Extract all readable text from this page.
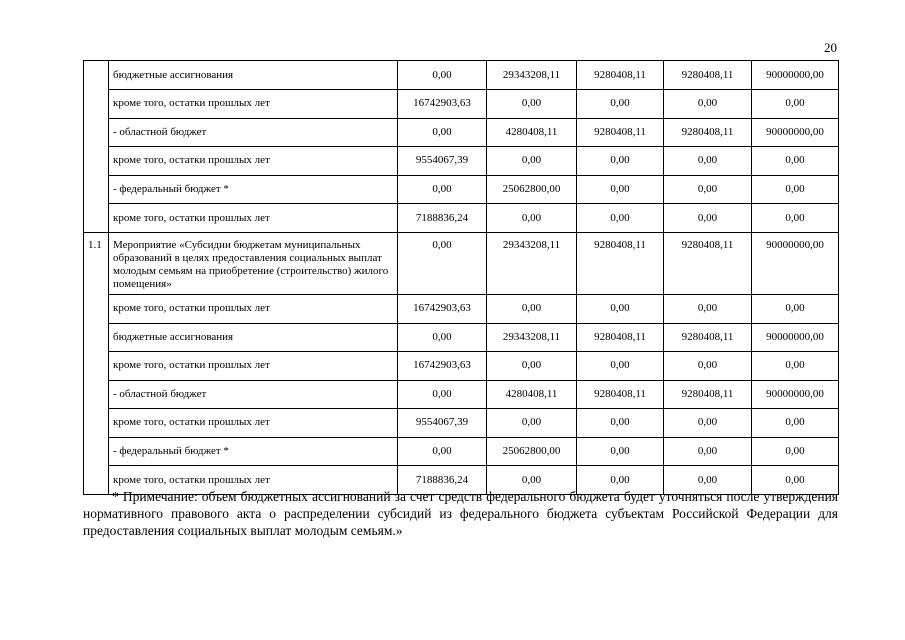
20
	бюджетные ассигнования	0,00	29343208,11	9280408,11	9280408,11	90000000,00
	кроме того, остатки прошлых лет	16742903,63	0,00	0,00	0,00	0,00
	- областной бюджет	0,00	4280408,11	9280408,11	9280408,11	90000000,00
	кроме того, остатки прошлых лет	9554067,39	0,00	0,00	0,00	0,00
	- федеральный бюджет *	0,00	25062800,00	0,00	0,00	0,00
	кроме того, остатки прошлых лет	7188836,24	0,00	0,00	0,00	0,00
1.1	Мероприятие «Субсидии бюджетам муниципальных образований в целях предоставления социальных выплат молодым семьям на приобретение (строительство) жилого помещения»	0,00	29343208,11	9280408,11	9280408,11	90000000,00
	кроме того, остатки прошлых лет	16742903,63	0,00	0,00	0,00	0,00
	бюджетные ассигнования	0,00	29343208,11	9280408,11	9280408,11	90000000,00
	кроме того, остатки прошлых лет	16742903,63	0,00	0,00	0,00	0,00
	- областной бюджет	0,00	4280408,11	9280408,11	9280408,11	90000000,00
	кроме того, остатки прошлых лет	9554067,39	0,00	0,00	0,00	0,00
	- федеральный бюджет *	0,00	25062800,00	0,00	0,00	0,00
	кроме того, остатки прошлых лет	7188836,24	0,00	0,00	0,00	0,00
* Примечание: объем бюджетных ассигнований за счет средств федерального бюджета будет уточняться после утверждения нормативного правового акта о распределении субсидий из федерального бюджета субъектам Российской Федерации для предоставления социальных выплат молодым семьям.»
